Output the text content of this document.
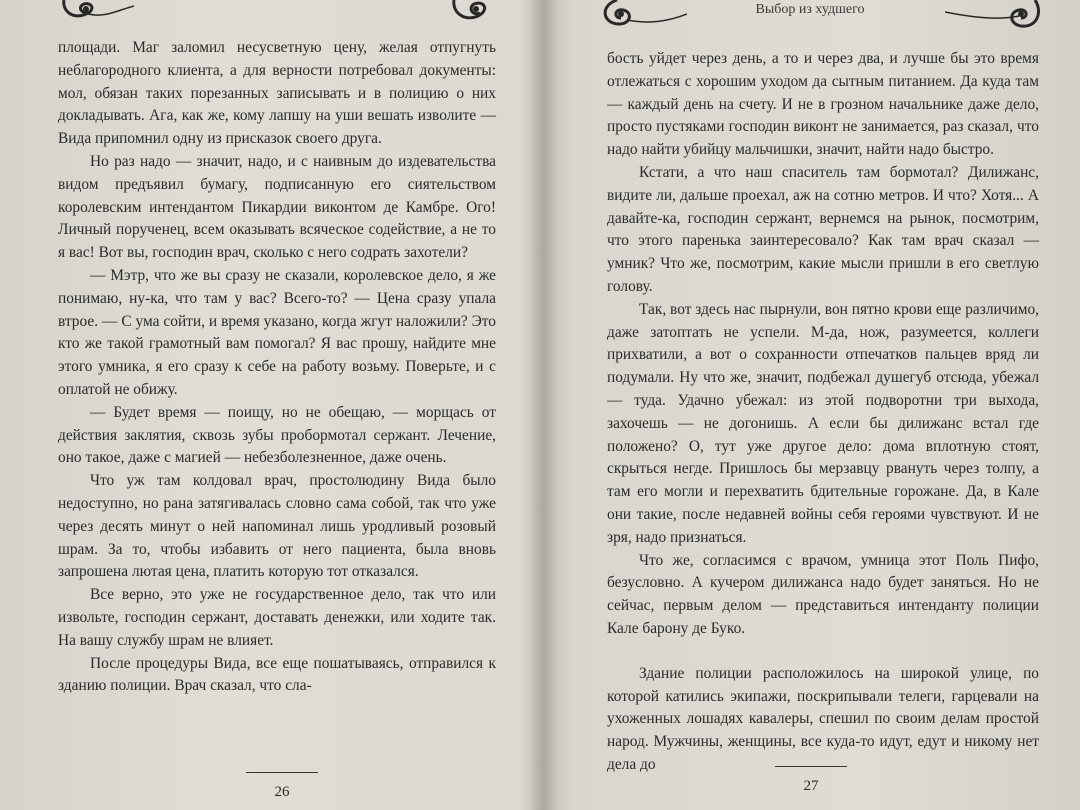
площади. Маг заломил несусветную цену, желая отпугнуть неблагородного клиента, а для верности потребовал документы: мол, обязан таких порезанных записывать и в полицию о них докладывать. Ага, как же, кому лапшу на уши вешать изволите — Вида припомнил одну из присказок своего друга.

Но раз надо — значит, надо, и с наивным до издевательства видом предъявил бумагу, подписанную его сиятельством королевским интендантом Пикардии виконтом де Камбре. Ого! Личный порученец, всем оказывать всяческое содействие, а не то я вас! Вот вы, господин врач, сколько с него содрать захотели?

— Мэтр, что же вы сразу не сказали, королевское дело, я же понимаю, ну-ка, что там у вас? Всего-то? — Цена сразу упала втрое. — С ума сойти, и время указано, когда жгут наложили? Это кто же такой грамотный вам помогал? Я вас прошу, найдите мне этого умника, я его сразу к себе на работу возьму. Поверьте, и с оплатой не обижу.

— Будет время — поищу, но не обещаю, — морщась от действия заклятия, сквозь зубы пробормотал сержант. Лечение, оно такое, даже с магией — небезболезненное, даже очень.

Что уж там колдовал врач, простолюдину Вида было недоступно, но рана затягивалась словно сама собой, так что уже через десять минут о ней напоминал лишь уродливый розовый шрам. За то, чтобы избавить от него пациента, была вновь запрошена лютая цена, платить которую тот отказался.

Все верно, это уже не государственное дело, так что или извольте, господин сержант, доставать денежки, или ходите так. На вашу службу шрам не влияет.

После процедуры Вида, все еще пошатываясь, отправился к зданию полиции. Врач сказал, что сла-

26
Выбор из худшего

бость уйдет через день, а то и через два, и лучше бы это время отлежаться с хорошим уходом да сытным питанием. Да куда там — каждый день на счету. И не в грозном начальнике даже дело, просто пустяками господин виконт не занимается, раз сказал, что надо найти убийцу мальчишки, значит, найти надо быстро.

Кстати, а что наш спаситель там бормотал? Дилижанс, видите ли, дальше проехал, аж на сотню метров. И что? Хотя... А давайте-ка, господин сержант, вернемся на рынок, посмотрим, что этого паренька заинтересовало? Как там врач сказал — умник? Что же, посмотрим, какие мысли пришли в его светлую голову.

Так, вот здесь нас пырнули, вон пятно крови еще различимо, даже затоптать не успели. М-да, нож, разумеется, коллеги прихватили, а вот о сохранности отпечатков пальцев вряд ли подумали. Ну что же, значит, подбежал душегуб отсюда, убежал — туда. Удачно убежал: из этой подворотни три выхода, захочешь — не догонишь. А если бы дилижанс встал где положено? О, тут уже другое дело: дома вплотную стоят, скрыться негде. Пришлось бы мерзавцу рвануть через толпу, а там его могли и перехватить бдительные горожане. Да, в Кале они такие, после недавней войны себя героями чувствуют. И не зря, надо признаться.

Что же, согласимся с врачом, умница этот Поль Пифо, безусловно. А кучером дилижанса надо будет заняться. Но не сейчас, первым делом — представиться интенданту полиции Кале барону де Буко.

Здание полиции расположилось на широкой улице, по которой катились экипажи, поскрипывали телеги, гарцевали на ухоженных лошадях кавалеры, спешил по своим делам простой народ. Мужчины, женщины, все куда-то идут, едут и никому нет дела до

27
